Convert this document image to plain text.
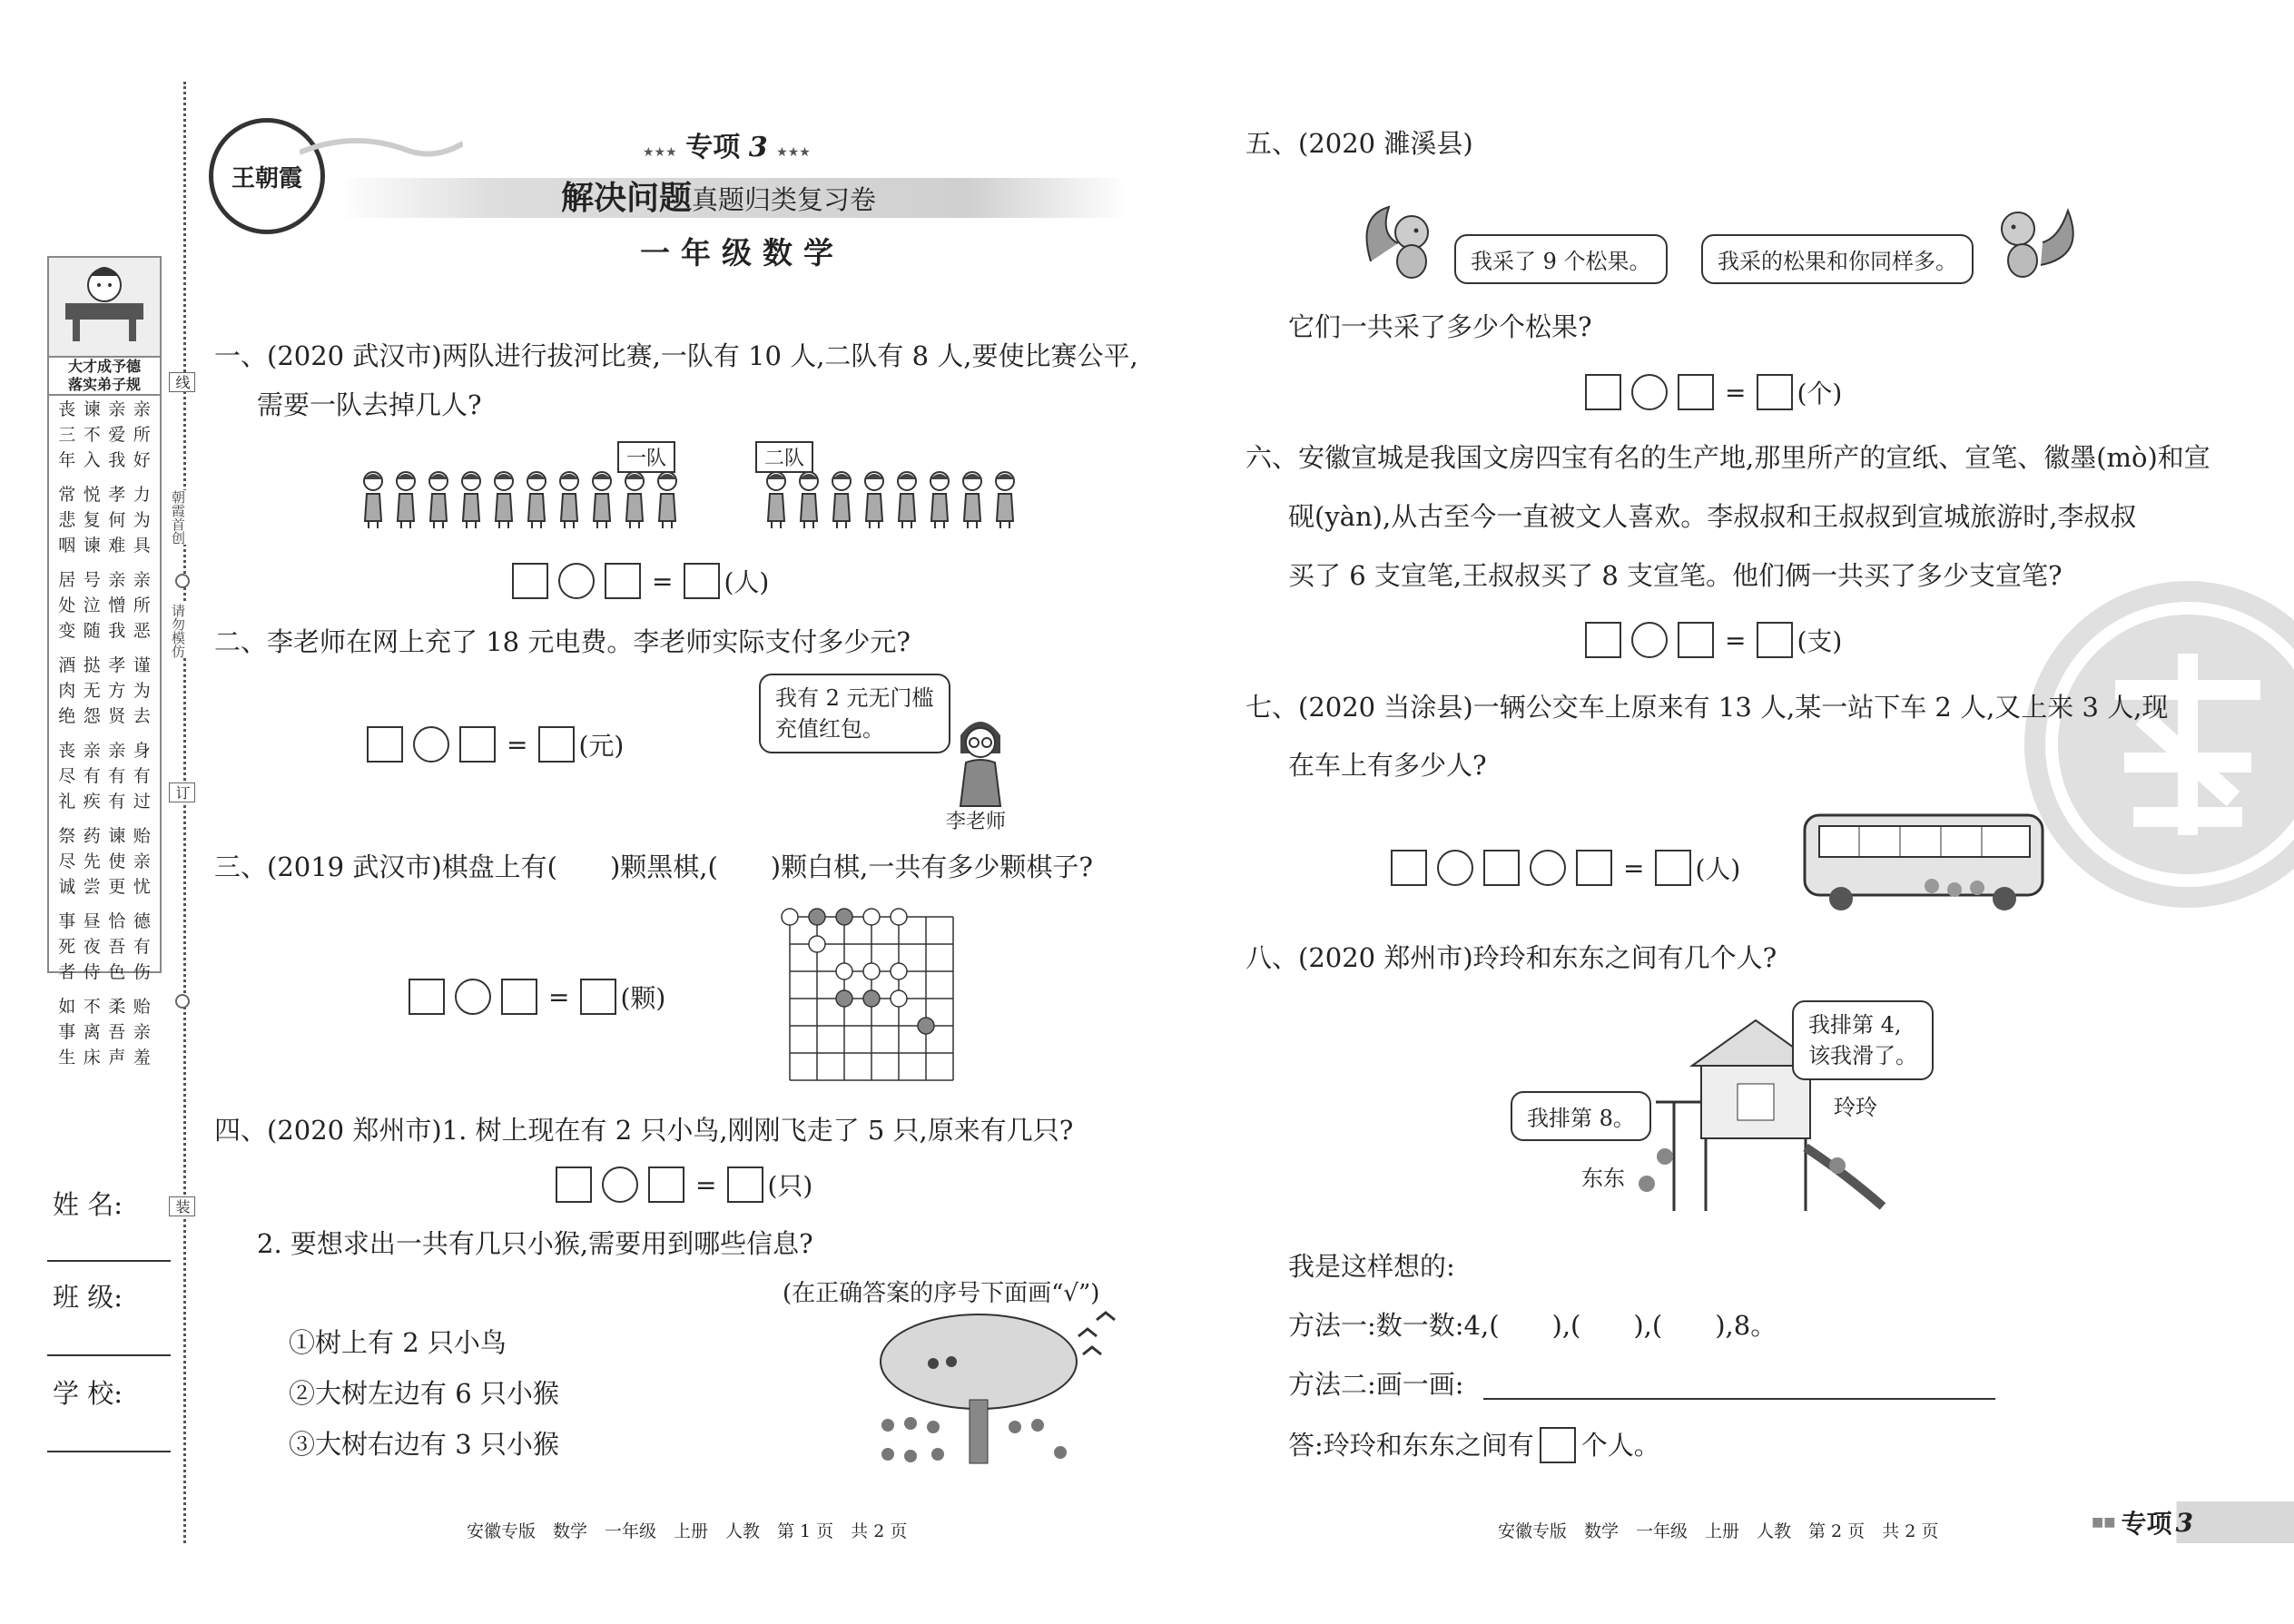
大才成予德
落实弟子规
丧 谏 亲 亲
三 不 爱 所
年 入 我 好
常 悦 孝 力
悲 复 何 为
咽 谏 难 具
居 号 亲 亲
处 泣 憎 所
变 随 我 恶
酒 挞 孝 谨
肉 无 方 为
绝 怨 贤 去
丧 亲 亲 身
尽 有 有 有
礼 疾 有 过
祭 药 谏 贻
尽 先 使 亲
诚 尝 更 忧
事 昼 恰 德
死 夜 吾 有
者 侍 色 伤
如 不 柔 贻
事 离 吾 亲
生 床 声 羞
线
朝霞首创
请勿模仿
订
装
姓 名:
班 级:
学 校:
王朝霞
★★★ 专项 3 ★★★
解决问题真题归类复习卷
一年级数学
一、(2020 武汉市)两队进行拔河比赛,一队有 10 人,二队有 8 人,要使比赛公平,
需要一队去掉几人?
一队	二队
= (人)
二、李老师在网上充了 18 元电费。李老师实际支付多少元?
= (元)
我有 2 元无门槛
充值红包。
李老师
三、(2019 武汉市)棋盘上有(　　)颗黑棋,(　　)颗白棋,一共有多少颗棋子?
= (颗)
四、(2020 郑州市)1. 树上现在有 2 只小鸟,刚刚飞走了 5 只,原来有几只?
= (只)
2. 要想求出一共有几只小猴,需要用到哪些信息?
(在正确答案的序号下面画“√”)
①树上有 2 只小鸟
②大树左边有 6 只小猴
③大树右边有 3 只小猴
安徽专版　数学　一年级　上册　人教　第 1 页　共 2 页
五、(2020 濉溪县)
我采了 9 个松果。	我采的松果和你同样多。
它们一共采了多少个松果?
= (个)
六、安徽宣城是我国文房四宝有名的生产地,那里所产的宣纸、宣笔、徽墨(mò)和宣
砚(yàn),从古至今一直被文人喜欢。李叔叔和王叔叔到宣城旅游时,李叔叔
买了 6 支宣笔,王叔叔买了 8 支宣笔。他们俩一共买了多少支宣笔?
= (支)
七、(2020 当涂县)一辆公交车上原来有 13 人,某一站下车 2 人,又上来 3 人,现
在车上有多少人?
= (人)
八、(2020 郑州市)玲玲和东东之间有几个人?
我排第 4,
该我滑了。
我排第 8。	玲玲
东东
我是这样想的:
方法一:数一数:4,(　　),(　　),(　　),8。
方法二:画一画:
答:玲玲和东东之间有 个人。
安徽专版　数学　一年级　上册　人教　第 2 页　共 2 页	■■ 专项 3
